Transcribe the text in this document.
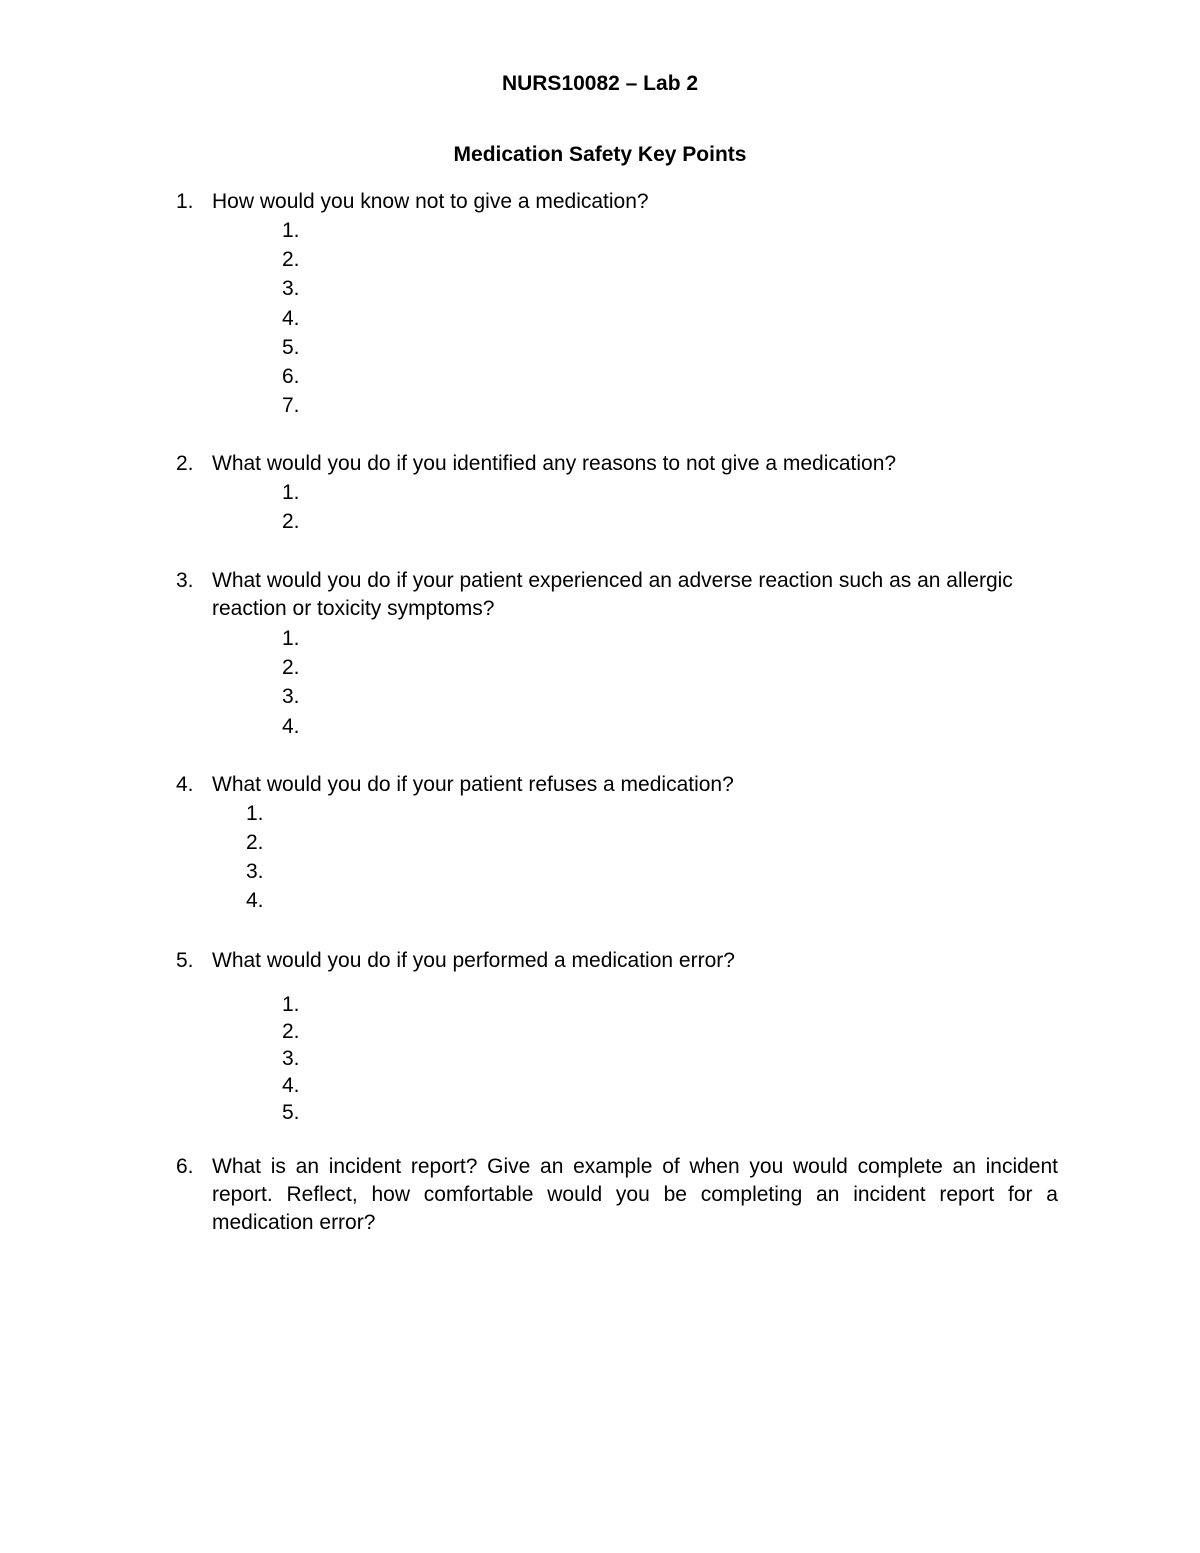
NURS10082 – Lab 2
Medication Safety Key Points
1. How would you know not to give a medication?
1.
2.
3.
4.
5.
6.
7.
2. What would you do if you identified any reasons to not give a medication?
1.
2.
3. What would you do if your patient experienced an adverse reaction such as an allergic reaction or toxicity symptoms?
1.
2.
3.
4.
4. What would you do if your patient refuses a medication?
1.
2.
3.
4.
5. What would you do if you performed a medication error?
1.
2.
3.
4.
5.
6. What is an incident report? Give an example of when you would complete an incident report. Reflect, how comfortable would you be completing an incident report for a medication error?
